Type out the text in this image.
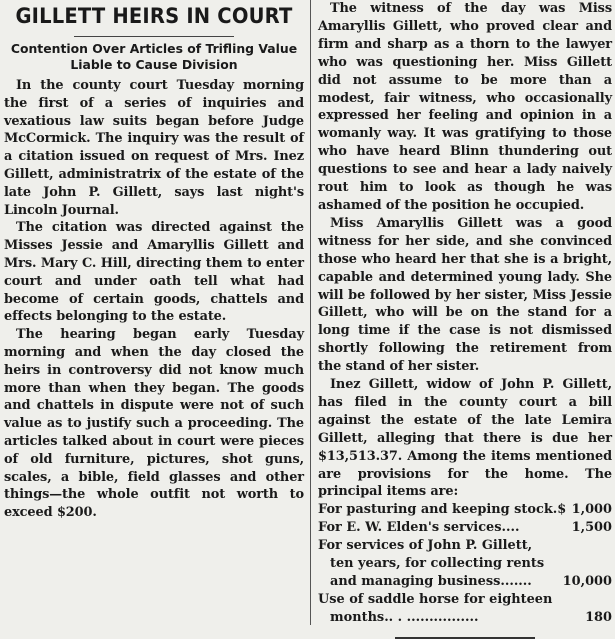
GILLETT HEIRS IN COURT
Contention Over Articles of Trifling Value
Liable to Cause Division

In the county court Tuesday morning the first of a series of inquiries and vexatious law suits began before Judge McCormick. The inquiry was the result of a citation issued on request of Mrs. Inez Gillett, administratrix of the estate of the late John P. Gillett, says last night's Lincoln Journal.

The citation was directed against the Misses Jessie and Amaryllis Gillett and Mrs. Mary C. Hill, directing them to enter court and under oath tell what had become of certain goods, chattels and effects belonging to the estate.

The hearing began early Tuesday morning and when the day closed the heirs in controversy did not know much more than when they began. The goods and chattels in dispute were not of such value as to justify such a proceeding. The articles talked about in court were pieces of old furniture, pictures, shot guns, scales, a bible, field glasses and other things—the whole outfit not worth to exceed $200.

The witness of the day was Miss Amaryllis Gillett, who proved clear and firm and sharp as a thorn to the lawyer who was questioning her. Miss Gillett did not assume to be more than a modest, fair witness, who occasionally expressed her feeling and opinion in a womanly way. It was gratifying to those who have heard Blinn thundering out questions to see and hear a lady naively rout him to look as though he was ashamed of the position he occupied.

Miss Amaryllis Gillett was a good witness for her side, and she convinced those who heard her that she is a bright, capable and determined young lady. She will be followed by her sister, Miss Jessie Gillett, who will be on the stand for a long time if the case is not dismissed shortly following the retirement from the stand of her sister.

Inez Gillett, widow of John P. Gillett, has filed in the county court a bill against the estate of the late Lemira Gillett, alleging that there is due her $13,513.37. Among the items mentioned are provisions for the home. The principal items are:

For pasturing and keeping stock.$ 1,000
For E. W. Elden's services....	1,500
For services of John P. Gillett,
ten years, for collecting rents
and managing business.......	10,000
Use of saddle horse for eighteen
months.. . ................	180
